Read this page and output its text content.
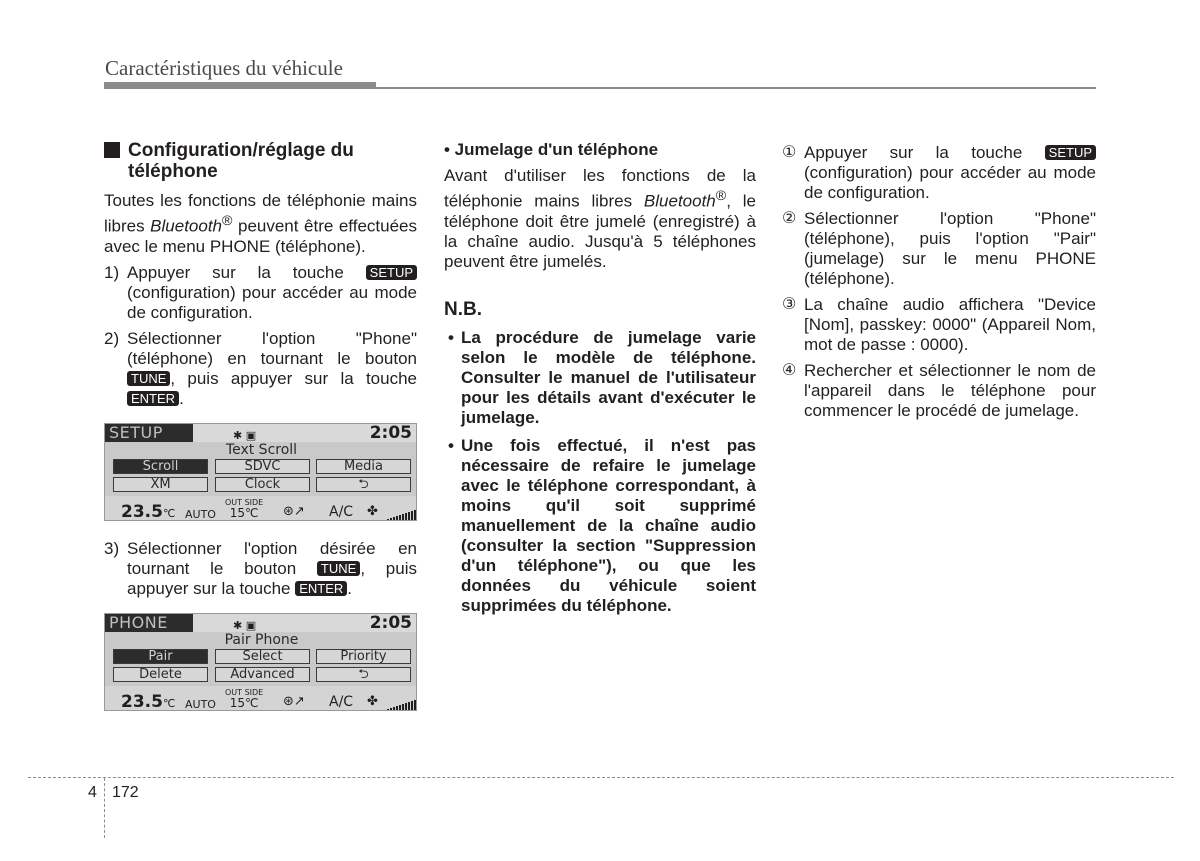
Caractéristiques du véhicule
Configuration/réglage du téléphone

Toutes les fonctions de téléphonie mains libres Bluetooth® peuvent être effectuées avec le menu PHONE (téléphone).

1) Appuyer sur la touche SETUP (configuration) pour accéder au mode de configuration.
2) Sélectionner l'option "Phone" (téléphone) en tournant le bouton TUNE , puis appuyer sur la touche ENTER .
SETUP	✱ ▣	2:05
Text Scroll
Scroll	SDVC	Media
XM	Clock	⮌
23.5℃ AUTO
OUT SIDE
15℃	⊛↗ A/C ✤
3) Sélectionner l'option désirée en tournant le bouton TUNE , puis appuyer sur la touche ENTER .
PHONE	✱ ▣	2:05
Pair Phone
Pair	Select	Priority
Delete	Advanced	⮌
23.5℃ AUTO
OUT SIDE
15℃	⊛↗ A/C ✤
• Jumelage d'un téléphone

Avant d'utiliser les fonctions de la téléphonie mains libres Bluetooth®, le téléphone doit être jumelé (enregistré) à la chaîne audio. Jusqu'à 5 téléphones peuvent être jumelés.

N.B.
• La procédure de jumelage varie selon le modèle de téléphone. Consulter le manuel de l'utilisateur pour les détails avant d'exécuter le jumelage.
• Une fois effectué, il n'est pas nécessaire de refaire le jumelage avec le téléphone correspondant, à moins qu'il soit supprimé manuellement de la chaîne audio (consulter la section "Suppression d'un téléphone"), ou que les données du véhicule soient supprimées du téléphone.
① Appuyer sur la touche SETUP (configuration) pour accéder au mode de configuration.
② Sélectionner l'option "Phone" (téléphone), puis l'option "Pair" (jumelage) sur le menu PHONE (téléphone).
③ La chaîne audio affichera "Device [Nom], passkey: 0000" (Appareil Nom, mot de passe : 0000).
④ Rechercher et sélectionner le nom de l'appareil dans le téléphone pour commencer le procédé de jumelage.
4 172
